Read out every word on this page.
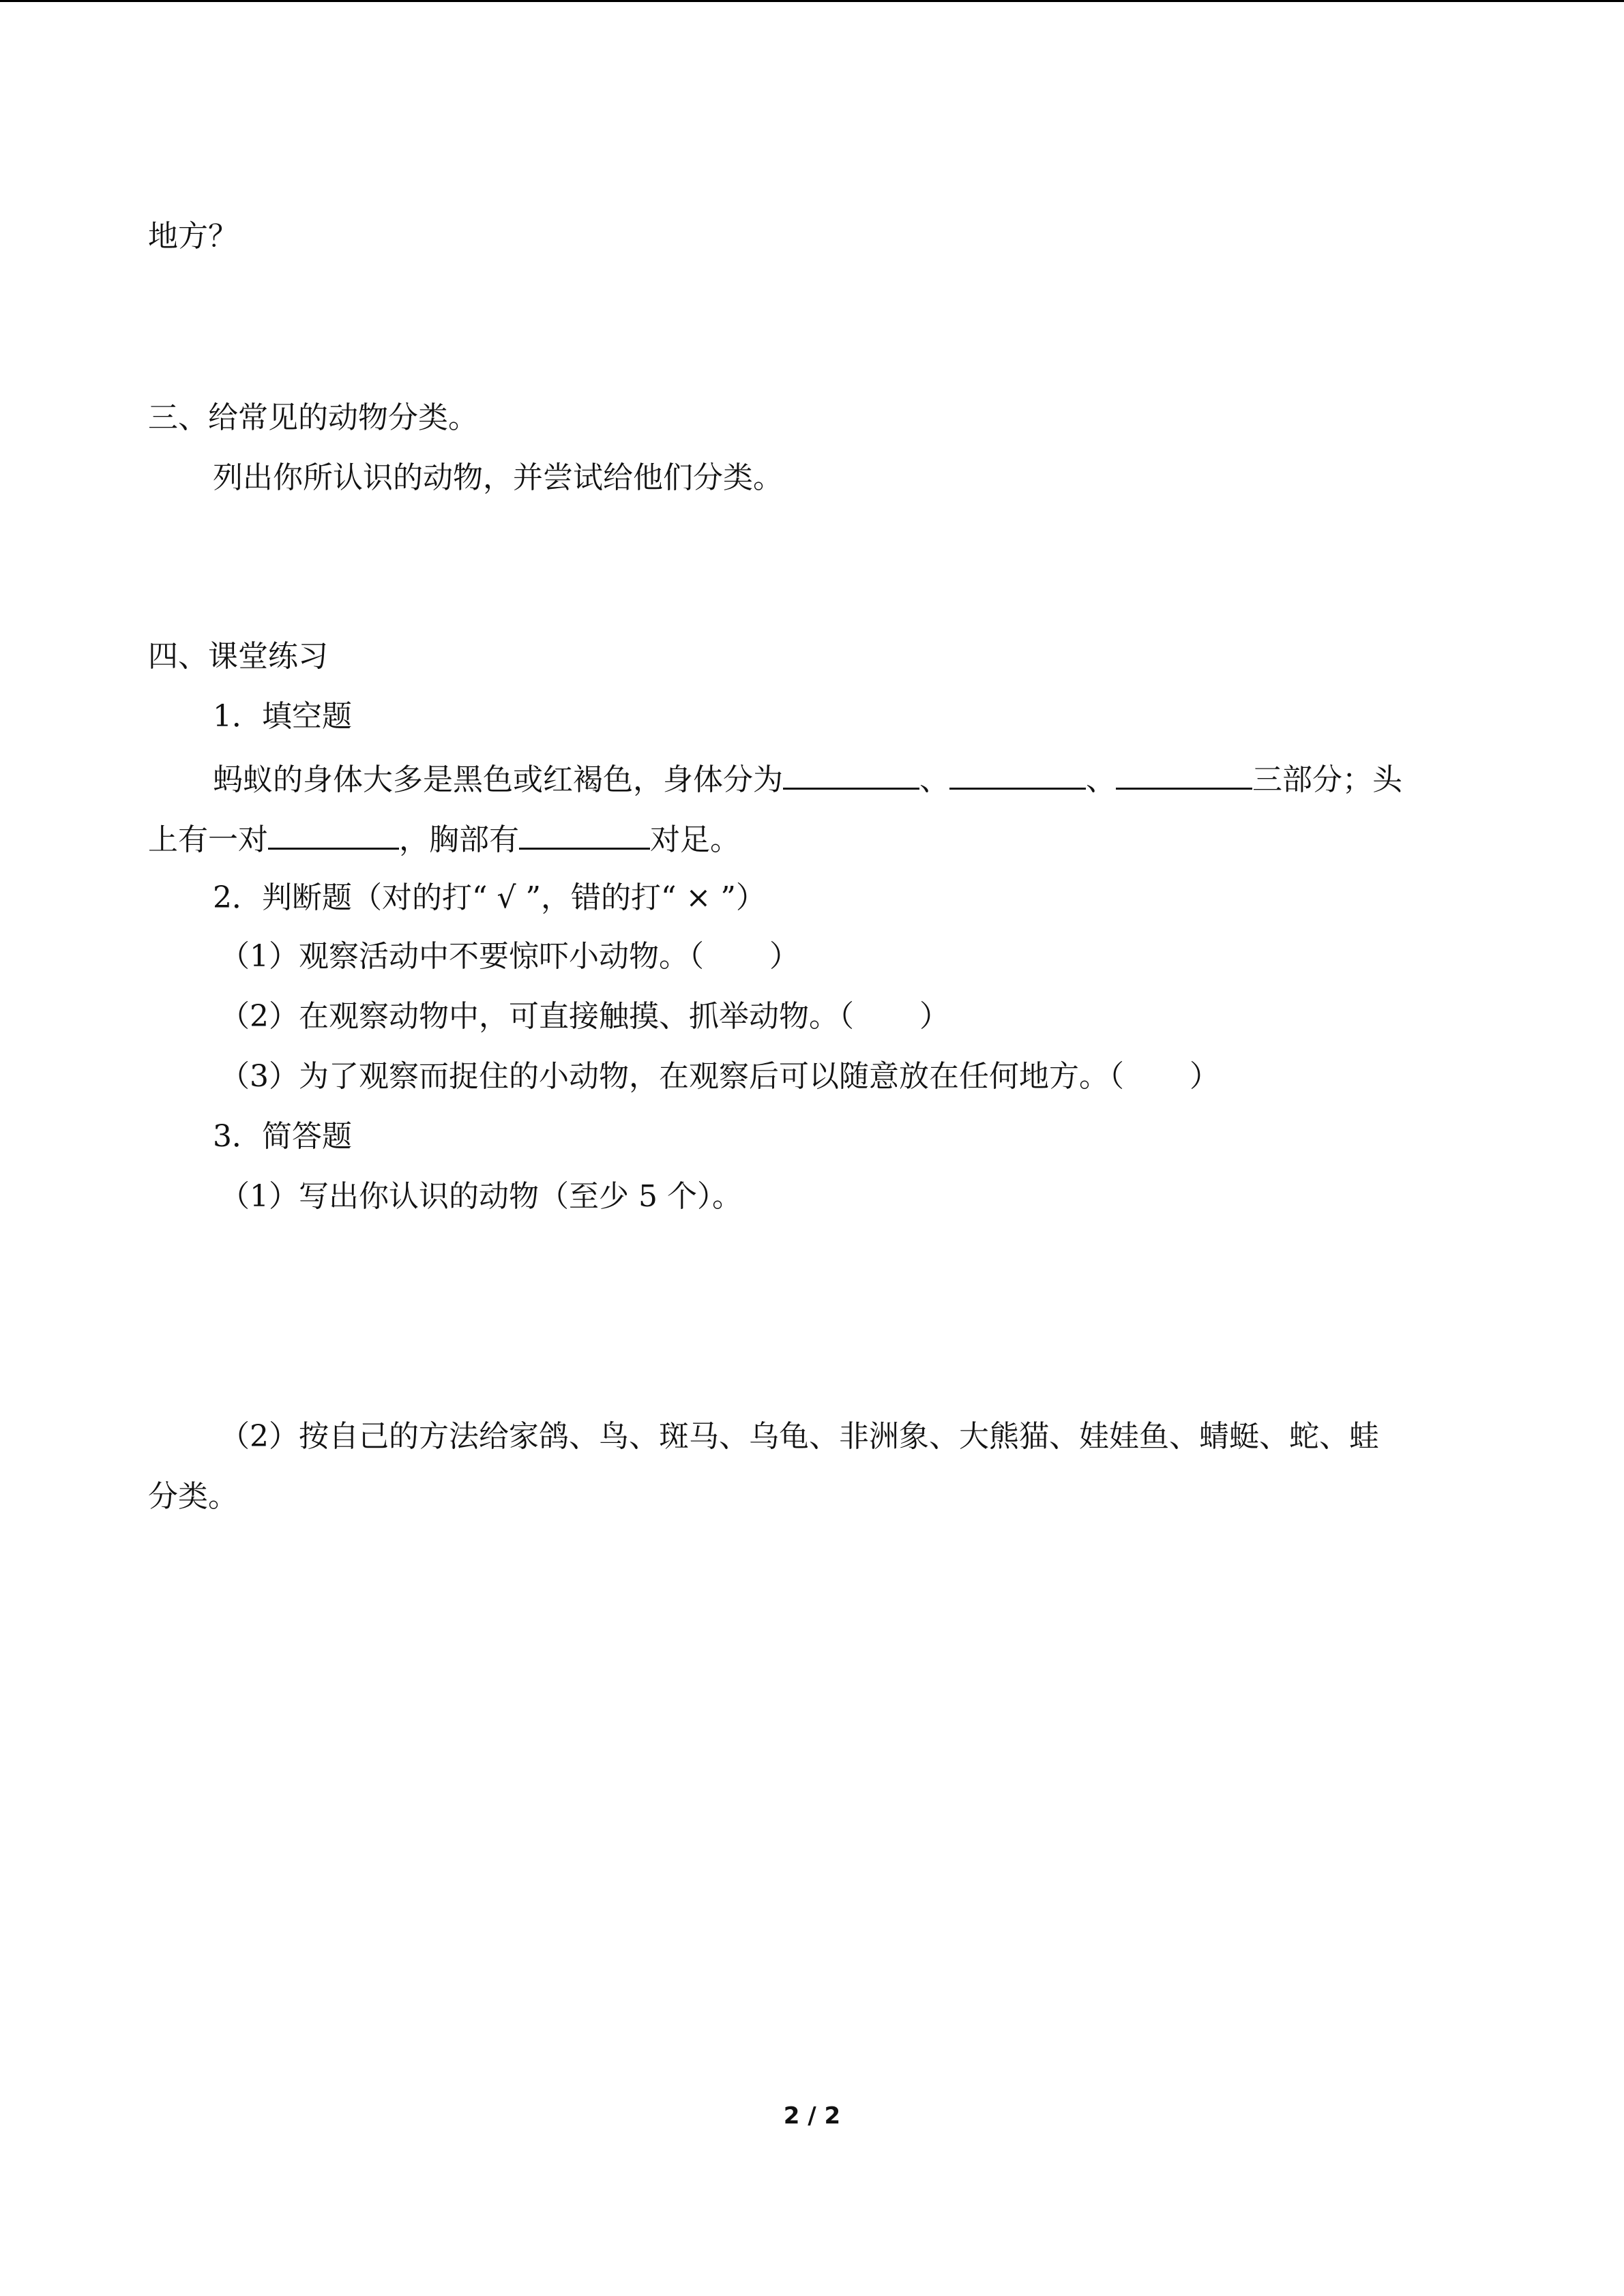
地方？
三、给常见的动物分类。
列出你所认识的动物，并尝试给他们分类。
四、课堂练习
1．填空题
蚂蚁的身体大多是黑色或红褐色，身体分为	、	、	三部分；头
上有一对	，胸部有	对足。
2．判断题（对的打“ √ ”，错的打“ × ”）
（1）观察活动中不要惊吓小动物。（ ）
（2）在观察动物中，可直接触摸、抓举动物。（ ）
（3）为了观察而捉住的小动物，在观察后可以随意放在任何地方。（ ）
3．简答题
（1）写出你认识的动物（至少 5 个）。
（2）按自己的方法给家鸽、鸟、斑马、乌龟、非洲象、大熊猫、娃娃鱼、蜻蜓、蛇、蛙
分类。
2 / 2
